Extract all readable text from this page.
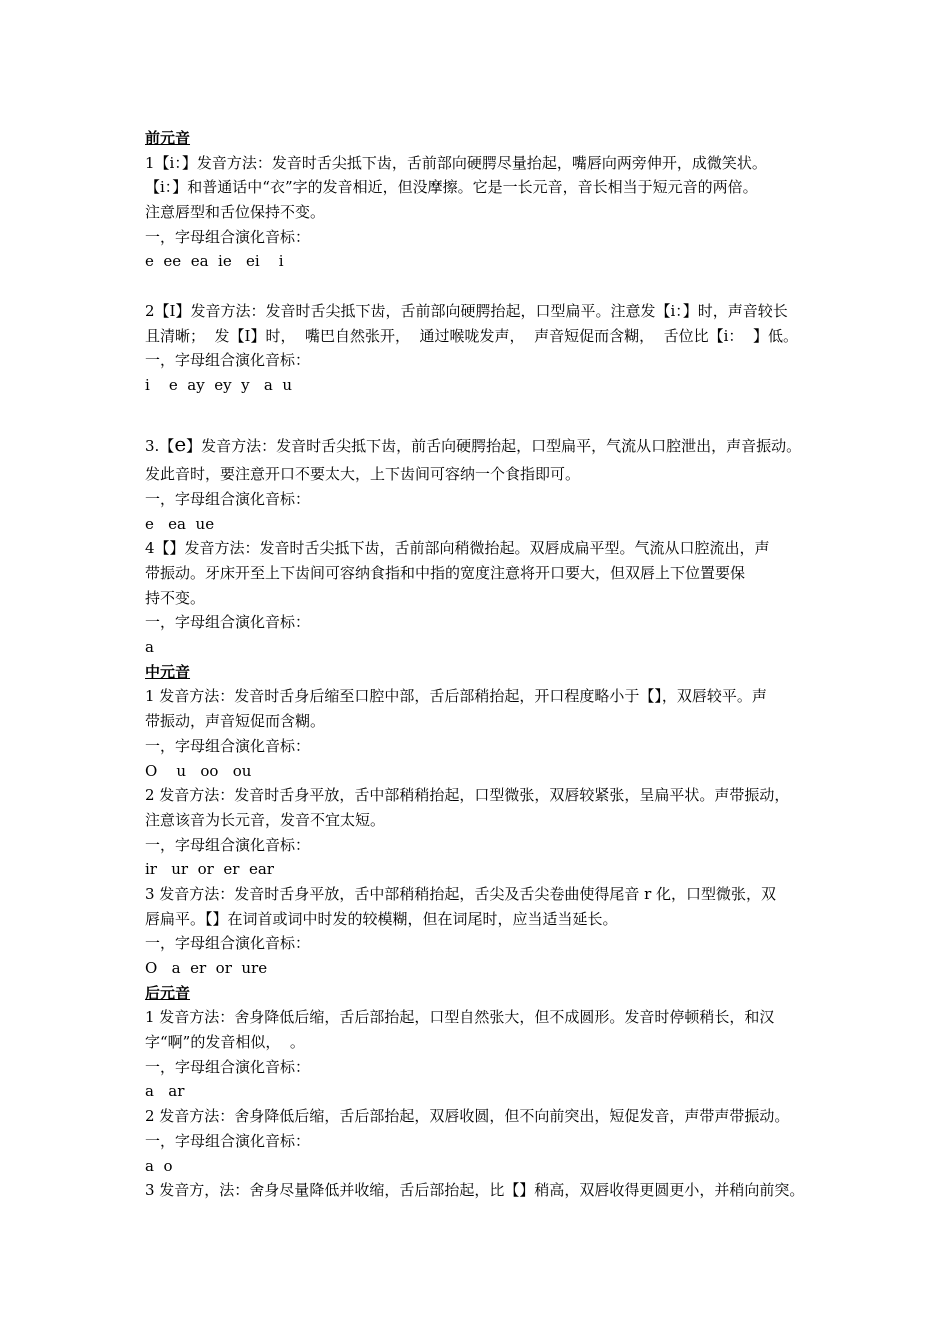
前元音
1【i：】发音方法：发音时舌尖抵下齿，舌前部向硬腭尽量抬起，嘴唇向两旁伸开，成微笑状。
【i：】和普通话中“衣”字的发音相近，但没摩擦。它是一长元音，音长相当于短元音的两倍。
注意唇型和舌位保持不变。
一，字母组合演化音标：
e  ee  ea  ie   ei    i
2【I】发音方法：发音时舌尖抵下齿，舌前部向硬腭抬起，口型扁平。注意发【i：】时，声音较长
且清晰；  发【I】时，  嘴巴自然张开，  通过喉咙发声，  声音短促而含糊，  舌位比【i：  】低。
一，字母组合演化音标：
i    e  ay  ey  y   a  u
3.【e】发音方法：发音时舌尖抵下齿，前舌向硬腭抬起，口型扁平，气流从口腔泄出，声音振动。
发此音时，要注意开口不要太大，上下齿间可容纳一个食指即可。
一，字母组合演化音标：
e   ea  ue
4【】发音方法：发音时舌尖抵下齿，舌前部向稍微抬起。双唇成扁平型。气流从口腔流出，声
带振动。牙床开至上下齿间可容纳食指和中指的宽度注意将开口要大，但双唇上下位置要保
持不变。
一，字母组合演化音标：
a
中元音
1 发音方法：发音时舌身后缩至口腔中部，舌后部稍抬起，开口程度略小于【】，双唇较平。声
带振动，声音短促而含糊。
一，字母组合演化音标：
O    u   oo   ou
2 发音方法：发音时舌身平放，舌中部稍稍抬起，口型微张，双唇较紧张，呈扁平状。声带振动，
注意该音为长元音，发音不宜太短。
一，字母组合演化音标：
ir   ur  or  er  ear
3 发音方法：发音时舌身平放，舌中部稍稍抬起，舌尖及舌尖卷曲使得尾音 r 化，口型微张，双
唇扁平。【】在词首或词中时发的较模糊，但在词尾时，应当适当延长。
一，字母组合演化音标：
O   a  er  or  ure
后元音
1 发音方法：舍身降低后缩，舌后部抬起，口型自然张大，但不成圆形。发音时停顿稍长，和汉
字“啊”的发音相似，  。
一，字母组合演化音标：
a   ar
2 发音方法：舍身降低后缩，舌后部抬起，双唇收圆，但不向前突出，短促发音，声带声带振动。
一，字母组合演化音标：
a  o
3 发音方，法：舍身尽量降低并收缩，舌后部抬起，比【】稍高，双唇收得更圆更小，并稍向前突。
